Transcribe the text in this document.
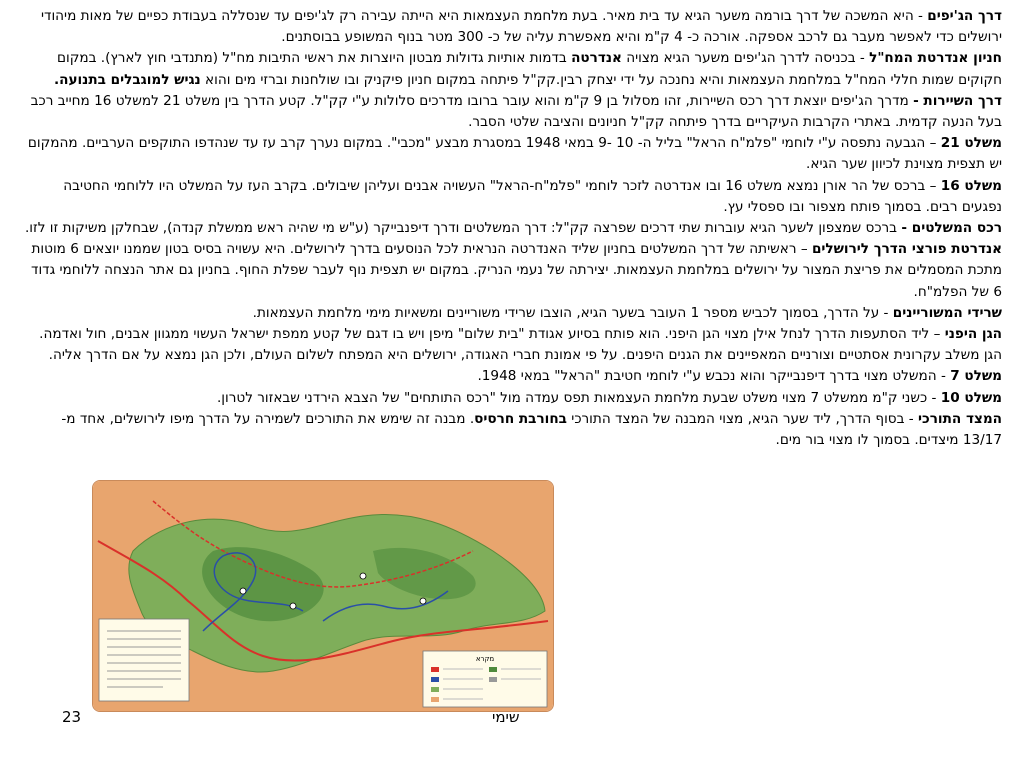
דרך הג'יפים - היא המשכה של דרך בורמה משער הגיא עד בית מאיר. בעת מלחמת העצמאות היא הייתה עבירה רק לג'יפים עד שנסללה בעבודת כפיים של מאות מיהודי ירושלים כדי לאפשר מעבר גם לרכב אספקה. אורכה כ- 4 ק"מ והיא מאפשרת עליה של כ- 300 מטר בנוף המשופע בבוסתנים.

חניון אנדרטת המח"ל - בכניסה לדרך הג'יפים משער הגיא מצויה אנדרטה בדמות אותיות גדולות מבטון היוצרות את ראשי התיבות מח"ל (מתנדבי חוץ לארץ). במקום חקוקים שמות חללי המח"ל במלחמת העצמאות והיא נחנכה על ידי יצחק רבין.קק"ל פיתחה במקום חניון פיקניק ובו שולחנות וברזי מים והוא נגיש למוגבלים בתנועה.

דרך השיירות - מדרך הג'יפים יוצאת דרך רכס השיירות, זהו מסלול בן 9 ק"מ והוא עובר ברובו מדרכים סלולות ע"י קק"ל. קטע הדרך בין משלט 21 למשלט 16 מחייב רכב בעל הנעה קדמית. באתרי הקרבות העיקריים בדרך פיתחה קק"ל חניונים והציבה שלטי הסבר.

משלט 21 – הגבעה נתפסה ע"י לוחמי "פלמ"ח הראל" בליל ה- 10 -9 במאי 1948 במסגרת מבצע "מכבי". במקום נערך קרב עז עד שנהדפו התוקפים הערביים. מהמקום יש תצפית מצוינת לכיוון שער הגיא.

משלט 16 – ברכס של הר אורן נמצא משלט 16 ובו אנדרטה לזכר לוחמי "פלמ"ח-הראל" העשויה אבנים ועליהן שיבולים. בקרב העז על המשלט היו ללוחמי החטיבה נפגעים רבים. בסמוך פותח מצפור ובו ספסלי עץ.

רכס המשלטים - ברכס שמצפון לשער הגיא עוברות שתי דרכים שפרצה קק"ל: דרך המשלטים ודרך דיפנבייקר (ע"ש מי שהיה ראש ממשלת קנדה), שבחלקן משיקות זו לזו.

אנדרטת פורצי הדרך לירושלים – ראשיתה של דרך המשלטים בחניון שליד האנדרטה הנראית לכל הנוסעים בדרך לירושלים. היא עשויה בסיס בטון שממנו יוצאים 6 מוטות מתכת המסמלים את פריצת המצור על ירושלים במלחמת העצמאות. יצירתה של נעמי הנריק. במקום יש תצפית נוף לעבר שפלת החוף. בחניון גם אתר הנצחה ללוחמי גדוד 6 של הפלמ"ח.

שרידי המשוריינים - על הדרך, בסמוך לכביש מספר 1 העובר בשער הגיא, הוצבו שרידי משוריינים ומשאיות מימי מלחמת העצמאות.

הגן היפני – ליד הסתעפות הדרך לנחל אילן מצוי הגן היפני. הוא פותח בסיוע אגודת "בית שלום" מיפן ויש בו דגם של קטע ממפת ישראל העשוי ממגוון אבנים, חול ואדמה. הגן משלב עקרונית אסתטיים וצורניים המאפיינים את הגנים היפנים. על פי אמונת חברי האגודה, ירושלים היא המפתח לשלום העולם, ולכן הגן נמצא על אם הדרך אליה.

משלט 7 - המשלט מצוי בדרך דיפנבייקר והוא נכבש ע"י לוחמי חטיבת "הראל" במאי 1948.

משלט 10 - כשני ק"מ ממשלט 7 מצוי משלט שבעת מלחמת העצמאות תפס עמדה מול "רכס התותחים" של הצבא הירדני שבאזור לטרון.

המצד התורכי - בסוף הדרך, ליד שער הגיא, מצוי המבנה של המצד התורכי בחורבת חרסיס. מבנה זה שימש את התורכים לשמירה על הדרך מיפו לירושלים, אחד מ- 13/17 מיצדים. בסמוך לו מצוי בור מים.

מקרא
23	שימי
